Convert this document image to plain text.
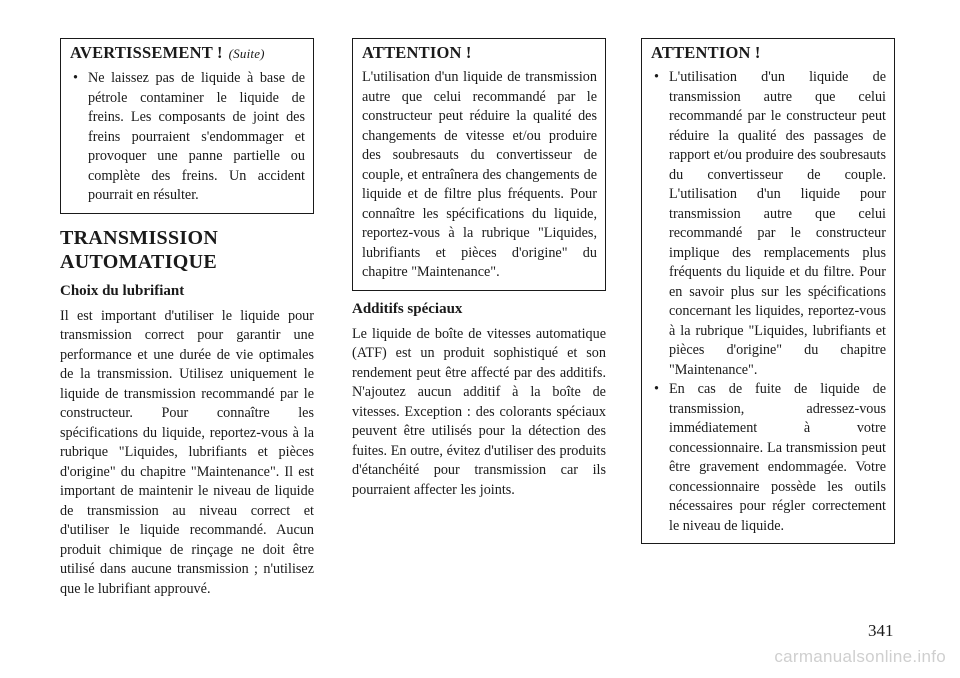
AVERTISSEMENT ! (Suite)
• Ne laissez pas de liquide à base de pétrole contaminer le liquide de freins. Les composants de joint des freins pourraient s'endommager et provoquer une panne partielle ou complète des freins. Un accident pourrait en résulter.
TRANSMISSION AUTOMATIQUE
Choix du lubrifiant
Il est important d'utiliser le liquide pour transmission correct pour garantir une performance et une durée de vie optimales de la transmission. Utilisez uniquement le liquide de transmission recommandé par le constructeur. Pour connaître les spécifications du liquide, reportez-vous à la rubrique "Liquides, lubrifiants et pièces d'origine" du chapitre "Maintenance". Il est important de maintenir le niveau de liquide de transmission au niveau correct et d'utiliser le liquide recommandé. Aucun produit chimique de rinçage ne doit être utilisé dans aucune transmission ; n'utilisez que le lubrifiant approuvé.
ATTENTION !
L'utilisation d'un liquide de transmission autre que celui recommandé par le constructeur peut réduire la qualité des changements de vitesse et/ou produire des soubresauts du convertisseur de couple, et entraînera des changements de liquide et de filtre plus fréquents. Pour connaître les spécifications du liquide, reportez-vous à la rubrique "Liquides, lubrifiants et pièces d'origine" du chapitre "Maintenance".
Additifs spéciaux
Le liquide de boîte de vitesses automatique (ATF) est un produit sophistiqué et son rendement peut être affecté par des additifs. N'ajoutez aucun additif à la boîte de vitesses. Exception : des colorants spéciaux peuvent être utilisés pour la détection des fuites. En outre, évitez d'utiliser des produits d'étanchéité pour transmission car ils pourraient affecter les joints.
ATTENTION !
• L'utilisation d'un liquide de transmission autre que celui recommandé par le constructeur peut réduire la qualité des passages de rapport et/ou produire des soubresauts du convertisseur de couple. L'utilisation d'un liquide pour transmission autre que celui recommandé par le constructeur implique des remplacements plus fréquents du liquide et du filtre. Pour en savoir plus sur les spécifications concernant les liquides, reportez-vous à la rubrique "Liquides, lubrifiants et pièces d'origine" du chapitre "Maintenance".
• En cas de fuite de liquide de transmission, adressez-vous immédiatement à votre concessionnaire. La transmission peut être gravement endommagée. Votre concessionnaire possède les outils nécessaires pour régler correctement le niveau de liquide.
341
carmanualsonline.info
